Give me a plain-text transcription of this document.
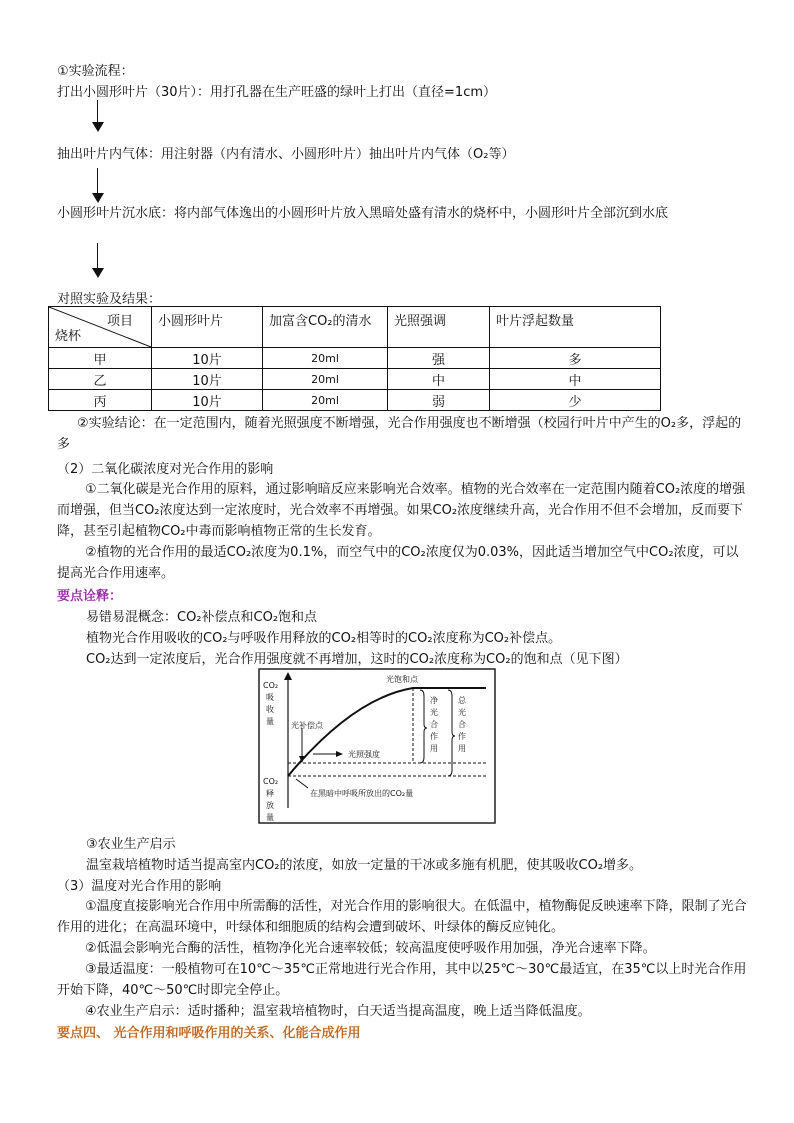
①实验流程：
打出小圆形叶片（30片）：用打孔器在生产旺盛的绿叶上打出（直径=1cm）
抽出叶片内气体：用注射器（内有清水、小圆形叶片）抽出叶片内气体（O₂等）
小圆形叶片沉水底：将内部气体逸出的小圆形叶片放入黑暗处盛有清水的烧杯中，小圆形叶片全部沉到水底
对照实验及结果：
项目
烧杯	小圆形叶片	加富含CO₂的清水	光照强调	叶片浮起数量
甲	10片	20ml	强	多
乙	10片	20ml	中	中
丙	10片	20ml	弱	少
②实验结论：在一定范围内，随着光照强度不断增强，光合作用强度也不断增强（校园行叶片中产生的O₂多，浮起的多
（2）二氧化碳浓度对光合作用的影响
①二氧化碳是光合作用的原料，通过影响暗反应来影响光合效率。植物的光合效率在一定范围内随着CO₂浓度的增强而增强，但当CO₂浓度达到一定浓度时，光合效率不再增强。如果CO₂浓度继续升高，光合作用不但不会增加，反而要下降，甚至引起植物CO₂中毒而影响植物正常的生长发育。
②植物的光合作用的最适CO₂浓度为0.1%，而空气中的CO₂浓度仅为0.03%，因此适当增加空气中CO₂浓度，可以提高光合作用速率。
要点诠释：
易错易混概念：CO₂补偿点和CO₂饱和点
植物光合作用吸收的CO₂与呼吸作用释放的CO₂相等时的CO₂浓度称为CO₂补偿点。
CO₂达到一定浓度后，光合作用强度就不再增加，这时的CO₂浓度称为CO₂的饱和点（见下图）
CO₂
吸
收
量
CO₂
释
放
量
光饱和点
光补偿点
光照强度
在黑暗中呼吸所放出的CO₂量
净
光
合
作
用
总
光
合
作
用
③农业生产启示
温室栽培植物时适当提高室内CO₂的浓度，如放一定量的干冰或多施有机肥，使其吸收CO₂增多。
（3）温度对光合作用的影响
①温度直接影响光合作用中所需酶的活性，对光合作用的影响很大。在低温中，植物酶促反映速率下降，限制了光合作用的进化；在高温环境中，叶绿体和细胞质的结构会遭到破坏、叶绿体的酶反应钝化。
②低温会影响光合酶的活性，植物净化光合速率较低；较高温度使呼吸作用加强，净光合速率下降。
③最适温度：一般植物可在10℃～35℃正常地进行光合作用，其中以25℃～30℃最适宜，在35℃以上时光合作用开始下降，40℃～50℃时即完全停止。
④农业生产启示：适时播种；温室栽培植物时，白天适当提高温度，晚上适当降低温度。
要点四、 光合作用和呼吸作用的关系、化能合成作用
